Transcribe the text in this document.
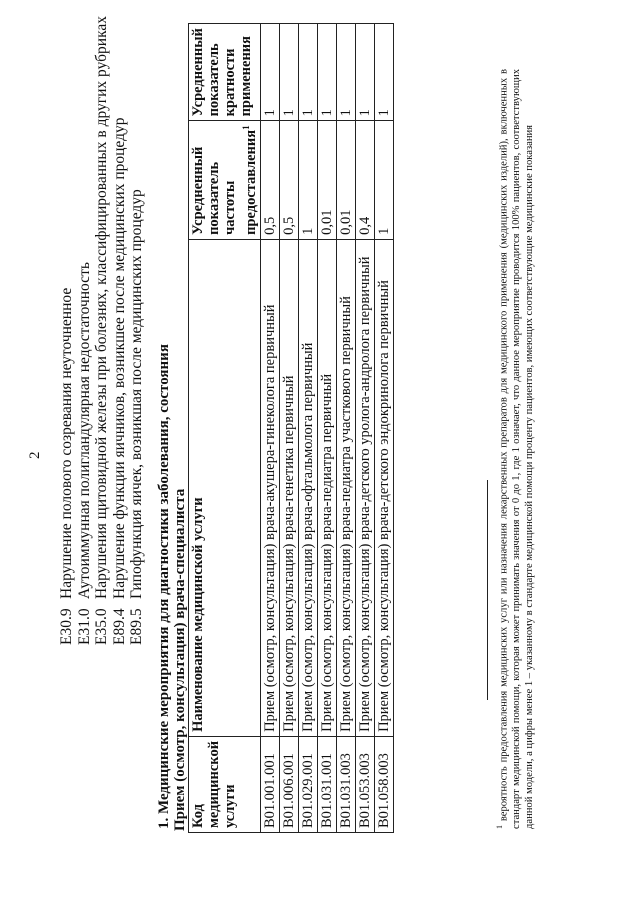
2
E30.9
Нарушение полового созревания неуточненное
E31.0
Аутоиммунная полигландулярная недостаточность
E35.0
Нарушения щитовидной железы при болезнях, классифицированных в других рубриках
E89.4
Нарушение функции яичников, возникшее после медицинских процедур
E89.5
Гипофункция яичек, возникшая после медицинских процедур 1. Медицинские мероприятия для диагностики заболевания, состояния Прием (осмотр, консультация) врача-специалиста Код медицинской услуги	Наименование медицинской услуги	Усредненный показатель частоты предоставления$^1$	Усредненный показатель кратности применения
B01.001.001	Прием (осмотр, консультация) врача-акушера-гинеколога первичный	0,5	1
B01.006.001	Прием (осмотр, консультация) врача-генетика первичный	0,5	1
B01.029.001	Прием (осмотр, консультация) врача-офтальмолога первичный	1	1
B01.031.001	Прием (осмотр, консультация) врача-педиатра первичный	0,01	1
B01.031.003	Прием (осмотр, консультация) врача-педиатра участкового первичный	0,01	1
B01.053.003	Прием (осмотр, консультация) врача-детского уролога-андролога первичный	0,4	1
B01.058.003	Прием (осмотр, консультация) врача-детского эндокринолога первичный	1	1
$^1$ вероятность предоставления медицинских услуг или назначения лекарственных препаратов для медицинского применения (медицинских изделий), включенных в стандарт медицинской помощи, которая может принимать значения от 0 до 1, где 1 означает, что данное мероприятие проводится 100% пациентов, соответствующих данной модели, а цифры менее 1 – указанному в стандарте медицинской помощи проценту пациентов, имеющих соответствующие медицинские показания
